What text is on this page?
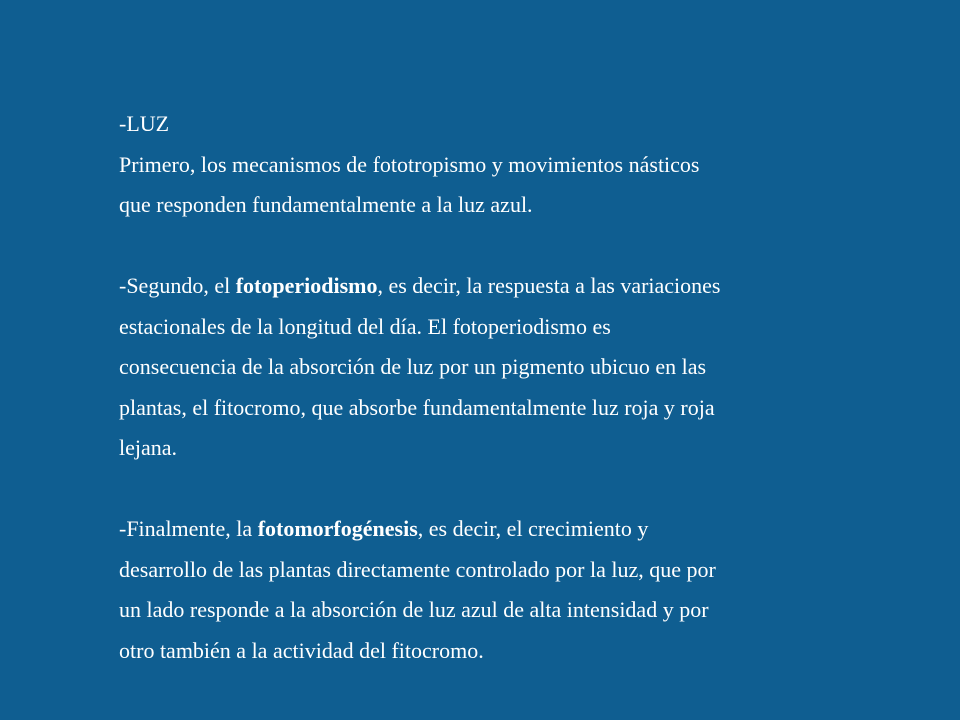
-LUZ
Primero, los mecanismos de fototropismo y movimientos násticos
que responden fundamentalmente a la luz azul.
-Segundo, el fotoperiodismo, es decir, la respuesta a las variaciones
estacionales de la longitud del día. El fotoperiodismo es
consecuencia de la absorción de luz por un pigmento ubicuo en las
plantas, el fitocromo, que absorbe fundamentalmente luz roja y roja
lejana.
-Finalmente, la fotomorfogénesis, es decir, el crecimiento y
desarrollo de las plantas directamente controlado por la luz, que por
un lado responde a la absorción de luz azul de alta intensidad y por
otro también a la actividad del fitocromo.
